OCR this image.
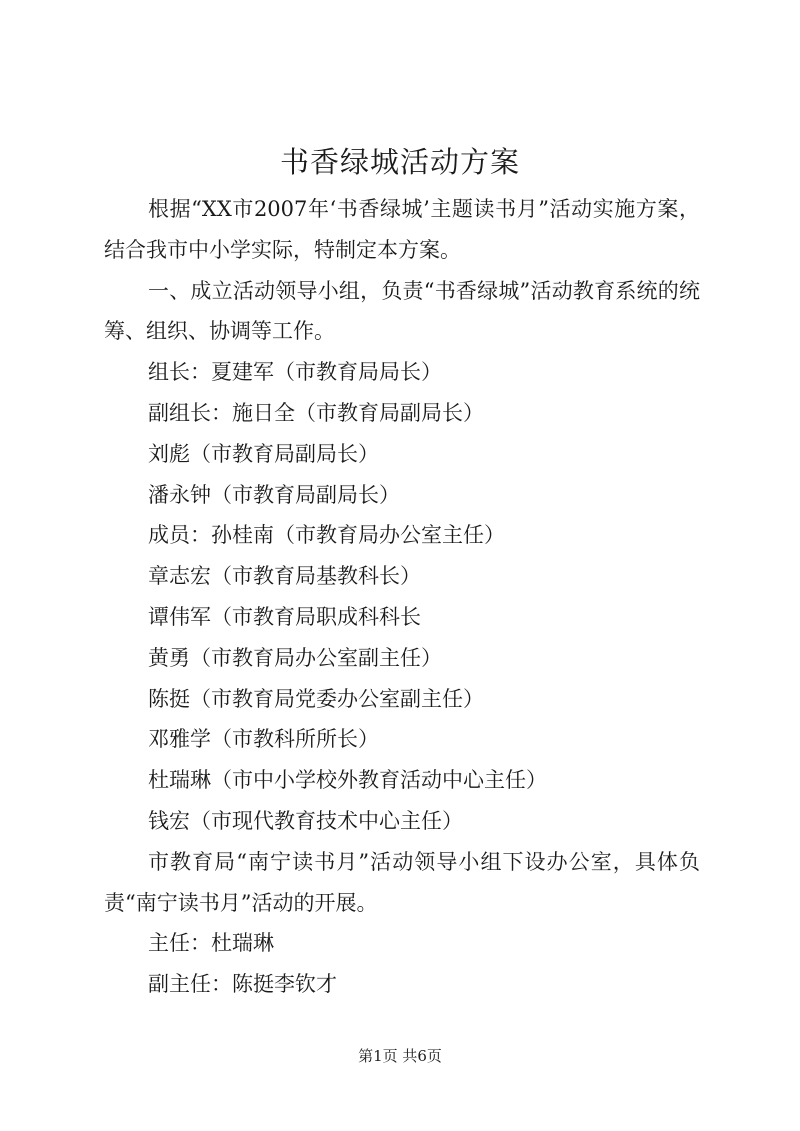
书香绿城活动方案

根据“XX市2007年‘书香绿城’主题读书月”活动实施方案，结合我市中小学实际，特制定本方案。

一、成立活动领导小组，负责“书香绿城”活动教育系统的统筹、组织、协调等工作。

组长：夏建军（市教育局局长）

副组长：施日全（市教育局副局长）

刘彪（市教育局副局长）

潘永钟（市教育局副局长）

成员：孙桂南（市教育局办公室主任）

章志宏（市教育局基教科长）

谭伟军（市教育局职成科科长

黄勇（市教育局办公室副主任）

陈挺（市教育局党委办公室副主任）

邓雅学（市教科所所长）

杜瑞琳（市中小学校外教育活动中心主任）

钱宏（市现代教育技术中心主任）

市教育局“南宁读书月”活动领导小组下设办公室，具体负责“南宁读书月”活动的开展。

主任：杜瑞琳

副主任：陈挺李钦才

第1页 共6页
